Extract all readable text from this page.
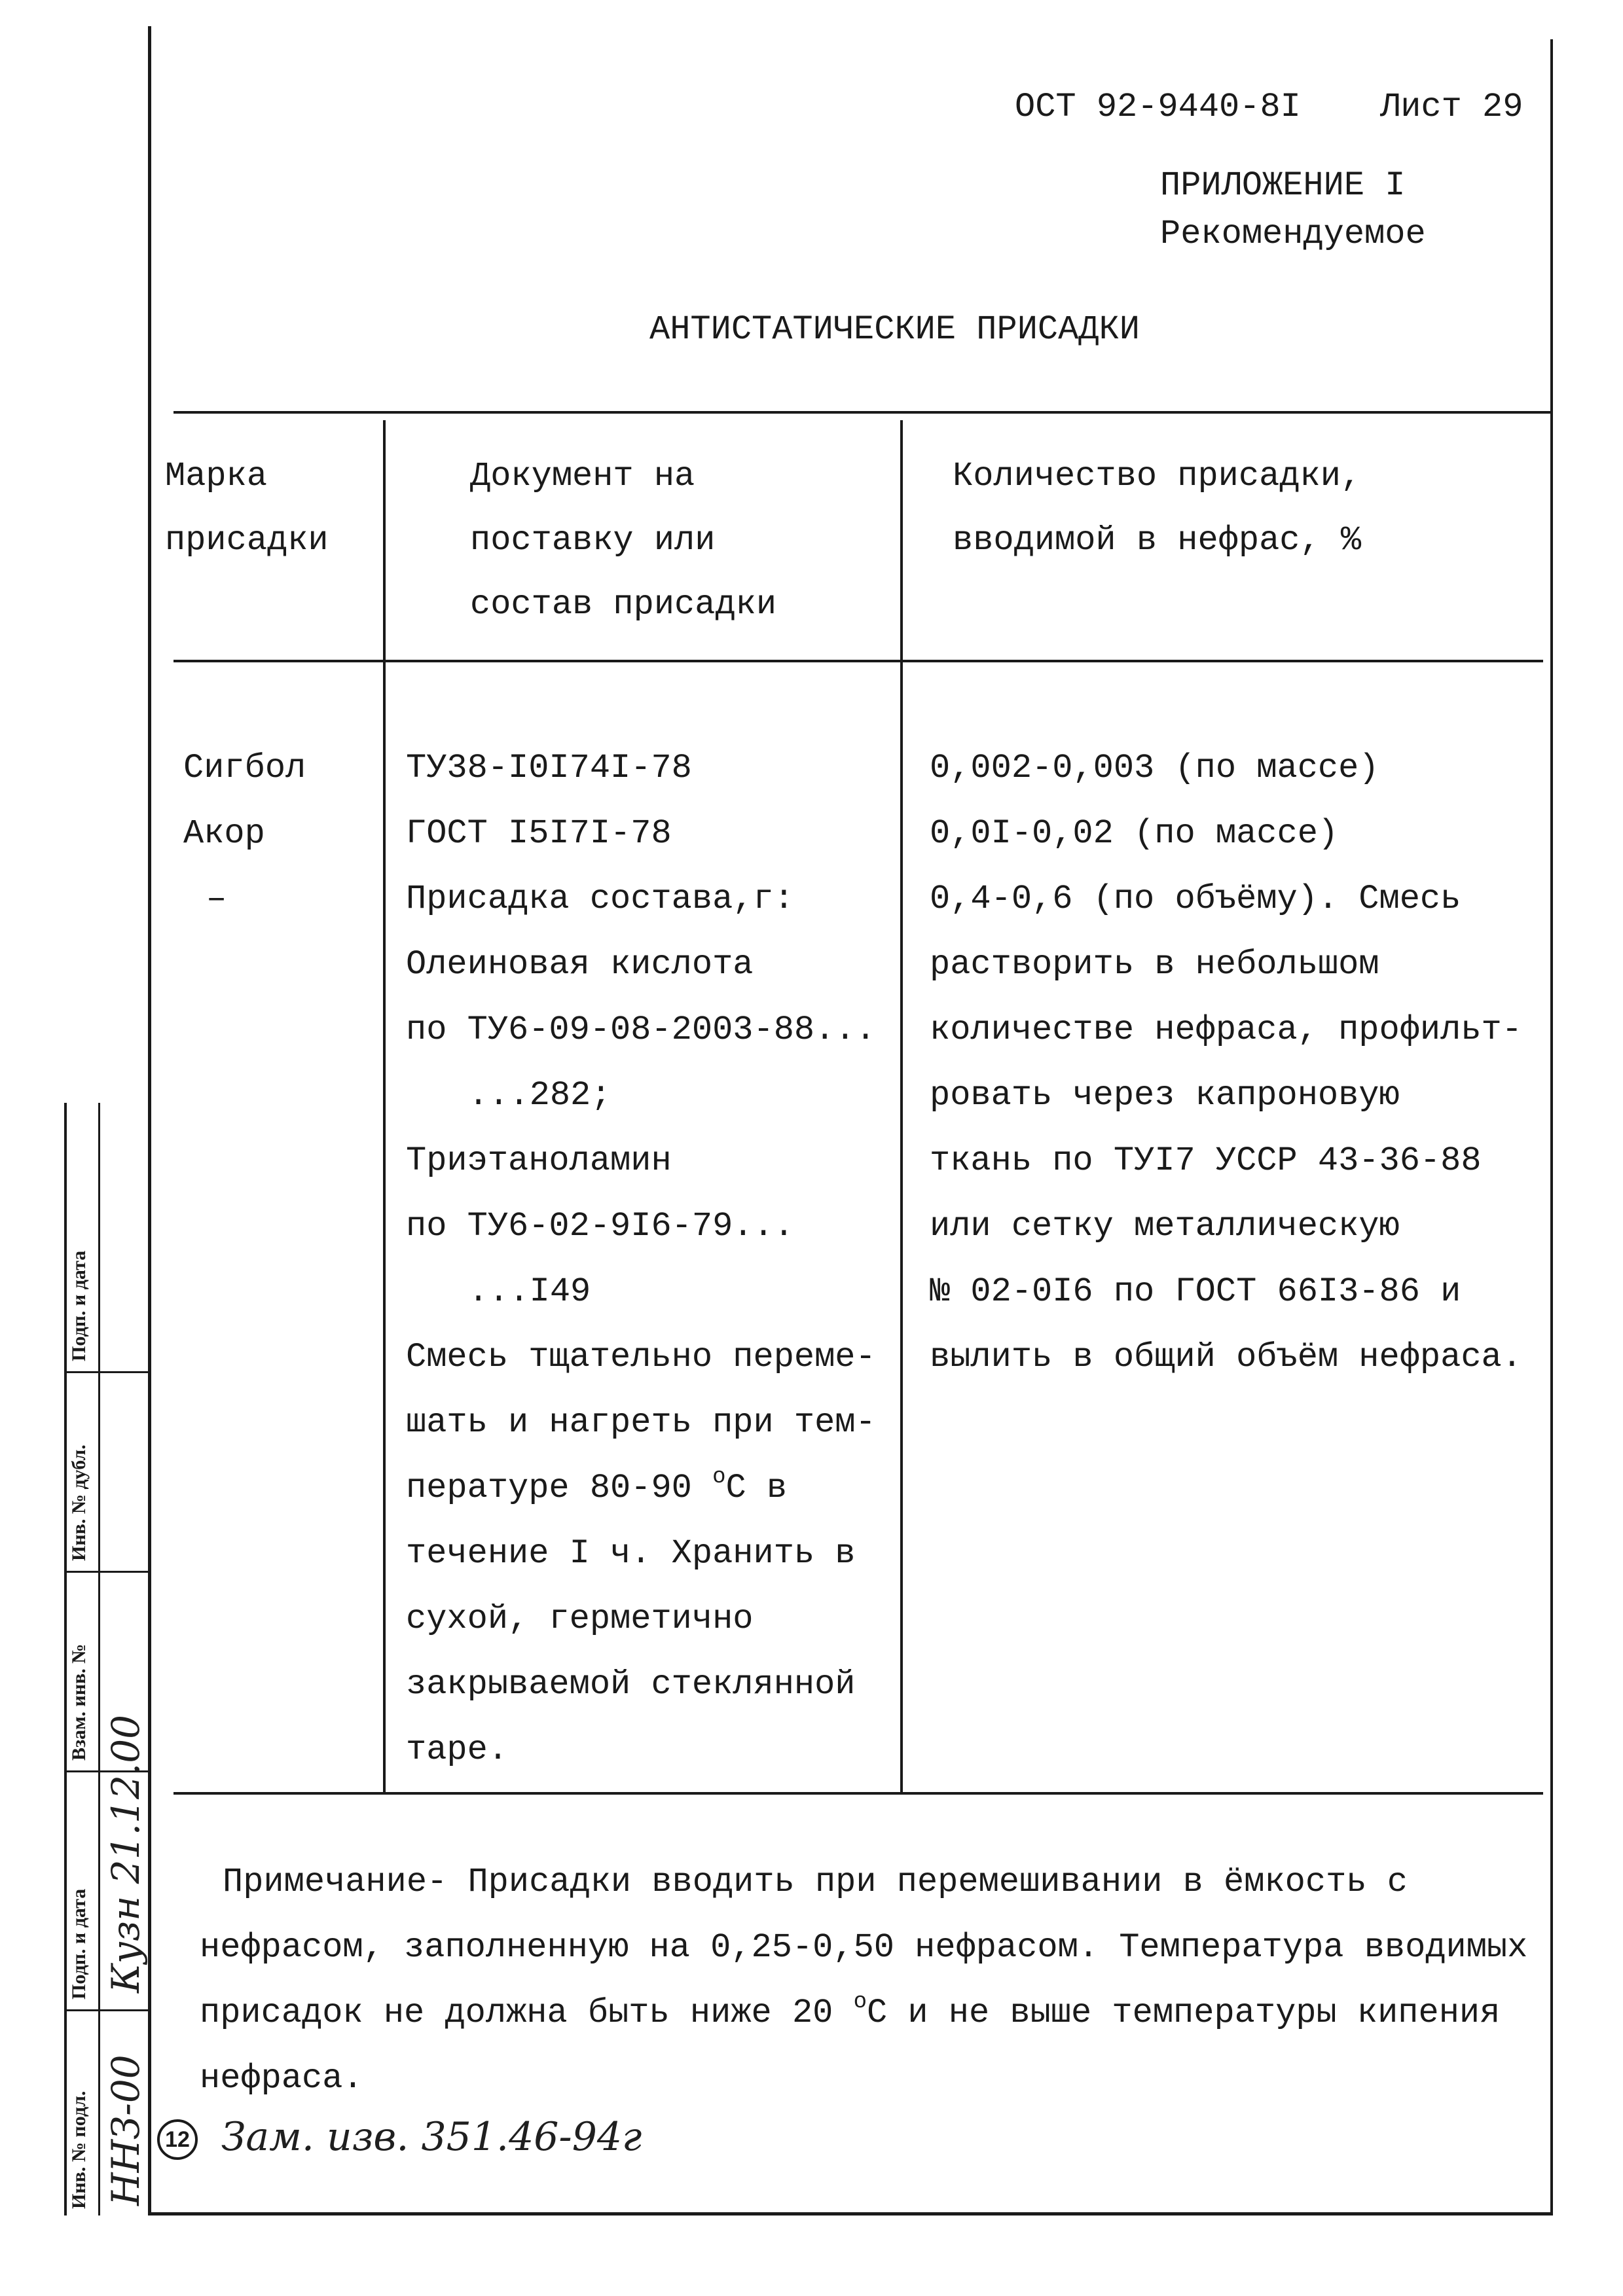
ОСТ 92-9440-8I Лист 29
ПРИЛОЖЕНИЕ I
Рекомендуемое
АНТИСТАТИЧЕСКИЕ ПРИСАДКИ
Марка
присадки
Документ на
поставку или
состав присадки
Количество присадки,
вводимой в нефрас, %
Сигбол
Акор
–
ТУ38-I0I74I-78
ГОСТ I5I7I-78
Присадка состава,г:
Олеиновая кислота
по ТУ6-09-08-2003-88...
...282;
Триэтаноламин
по ТУ6-02-9I6-79...
...I49
Смесь тщательно переме-
шать и нагреть при тем-
пературе 80-90 $^о$С в
течение I ч. Хранить в
сухой, герметично
закрываемой стеклянной
таре.
0,002-0,003 (по массе)
0,0I-0,02 (по массе)
0,4-0,6 (по объёму). Смесь
растворить в небольшом
количестве нефраса, профильт-
ровать через капроновую
ткань по ТУI7 УССР 43-36-88
или сетку металлическую
№ 02-0I6 по ГОСТ 66I3-86 и
вылить в общий объём нефраса.
Примечание- Присадки вводить при перемешивании в ёмкость с
нефрасом, заполненную на 0,25-0,50 нефрасом. Температура вводимых
присадок не должна быть ниже 20 $^о$С и не выше температуры кипения
нефраса.
12 Зам. изв. 351.46-94г
Подп. и дата
Инв. № дубл.
Взам. инв. №
Подп. и дата
Инв. № подл.
Кузн 21.12.00
ННЗ-00
